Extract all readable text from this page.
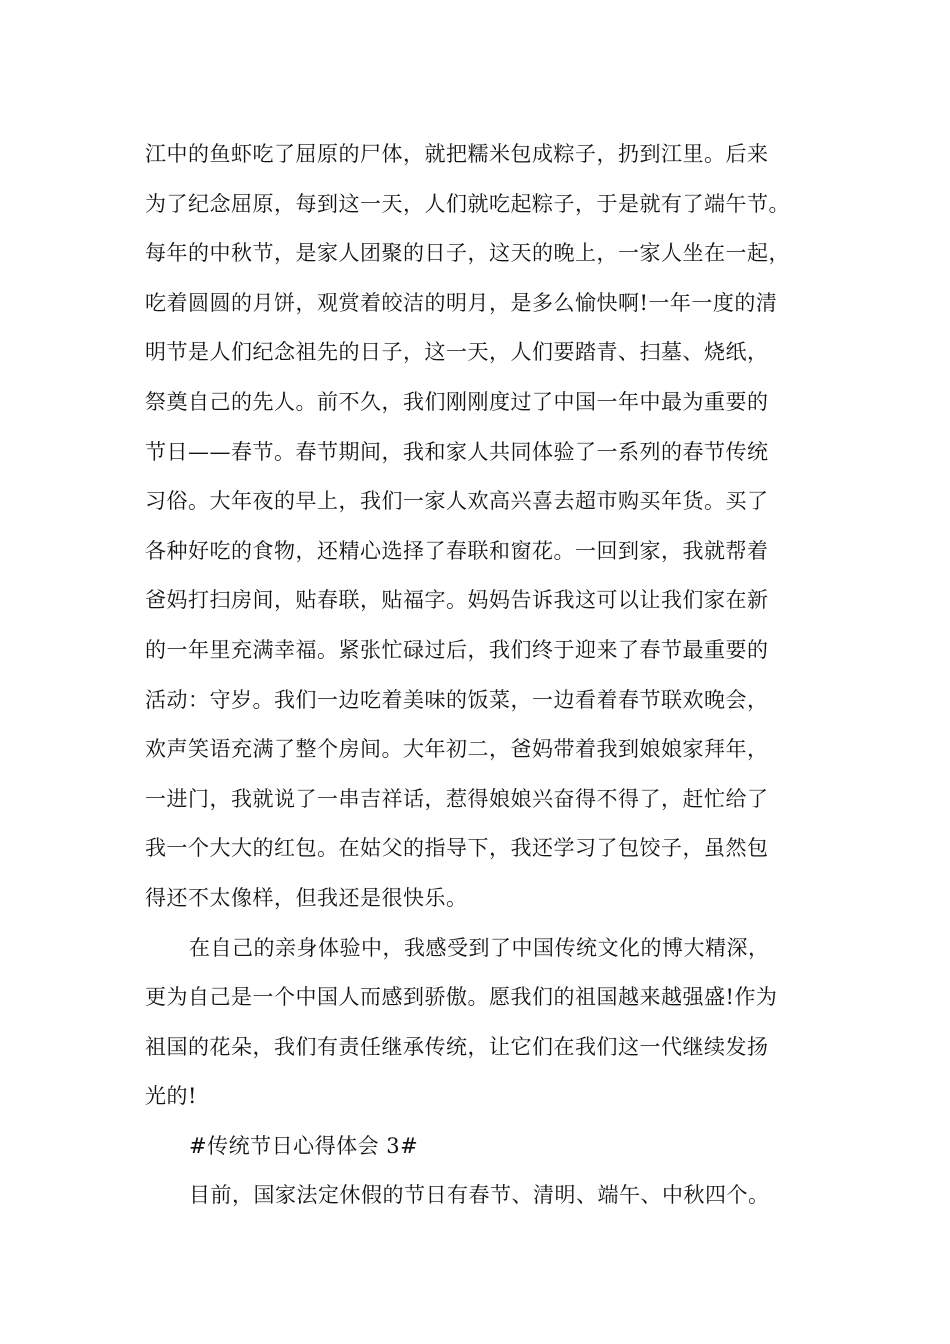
江中的鱼虾吃了屈原的尸体，就把糯米包成粽子，扔到江里。后来
为了纪念屈原，每到这一天，人们就吃起粽子，于是就有了端午节。
每年的中秋节，是家人团聚的日子，这天的晚上，一家人坐在一起，
吃着圆圆的月饼，观赏着皎洁的明月，是多么愉快啊!一年一度的清
明节是人们纪念祖先的日子，这一天，人们要踏青、扫墓、烧纸，
祭奠自己的先人。前不久，我们刚刚度过了中国一年中最为重要的
节日——春节。春节期间，我和家人共同体验了一系列的春节传统
习俗。大年夜的早上，我们一家人欢高兴喜去超市购买年货。买了
各种好吃的食物，还精心选择了春联和窗花。一回到家，我就帮着
爸妈打扫房间，贴春联，贴福字。妈妈告诉我这可以让我们家在新
的一年里充满幸福。紧张忙碌过后，我们终于迎来了春节最重要的
活动：守岁。我们一边吃着美味的饭菜，一边看着春节联欢晚会，
欢声笑语充满了整个房间。大年初二，爸妈带着我到娘娘家拜年，
一进门，我就说了一串吉祥话，惹得娘娘兴奋得不得了，赶忙给了
我一个大大的红包。在姑父的指导下，我还学习了包饺子，虽然包
得还不太像样，但我还是很快乐。
在自己的亲身体验中，我感受到了中国传统文化的博大精深，
更为自己是一个中国人而感到骄傲。愿我们的祖国越来越强盛!作为
祖国的花朵，我们有责任继承传统，让它们在我们这一代继续发扬
光的!
#传统节日心得体会 3#
目前，国家法定休假的节日有春节、清明、端午、中秋四个。
